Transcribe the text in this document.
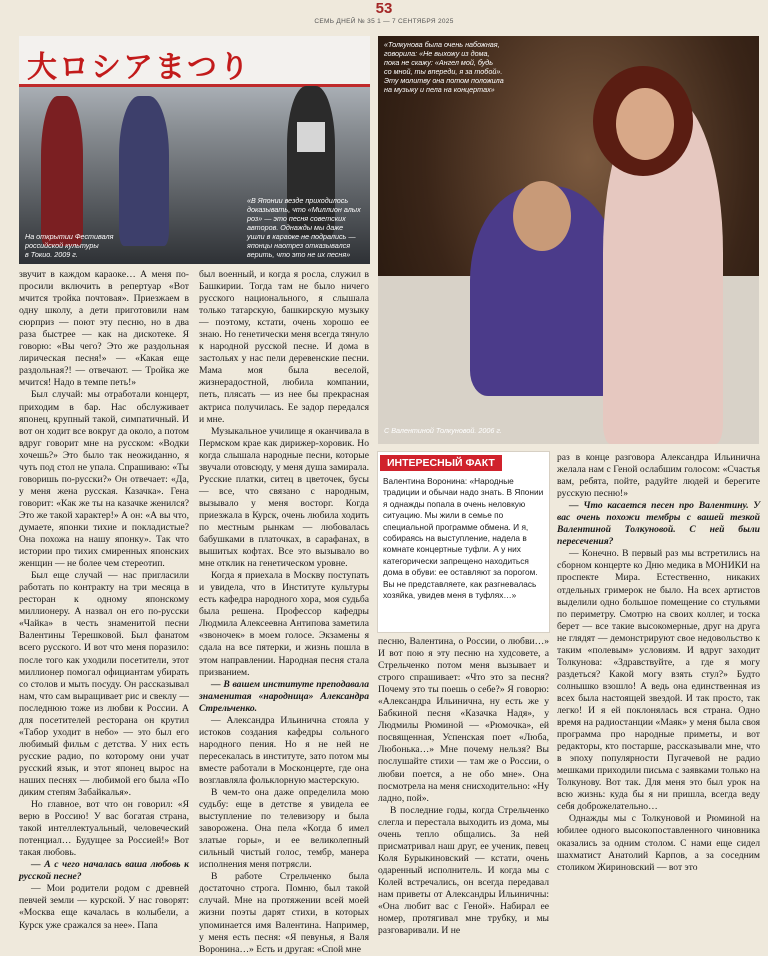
53
СЕМЬ ДНЕЙ № 35 1 — 7 СЕНТЯБРЯ 2025
大ロシアまつり
На открытии Фестиваля
российской культуры
в Токио. 2009 г.
«В Японии везде приходилось
доказывать, что «Миллион алых
роз» — это песня советских
авторов. Однажды мы даже
ушли в караоке не подрались —
японцы наотрез отказывался
верить, что это не их песня»
«Толкунова была очень набожная,
говорила: «Не выхожу из дома,
пока не скажу: «Ангел мой, будь
со мной, ты впереди, я за тобой».
Эту молитву она потом положила
на музыку и пела на концертах»
С Валентиной Толкуновой. 2006 г.

звучит в каждом караоке… А меня по-просили включить в репертуар «Вот мчится тройка почтовая». Приезжаем в одну школу, а дети приготовили нам сюрприз — поют эту песню, но в два раза быстрее — как на дискотеке. Я говорю: «Вы чего? Это же раздольная лирическая песня!» — «Какая еще раздольная?! — отвечают. — Тройка же мчится! Надо в темпе петь!»

Был случай: мы отработали концерт, приходим в бар. Нас обслуживает японец, крупный такой, симпатичный. И вот он ходит все вокруг да около, а потом вдруг говорит мне на русском: «Водки хочешь?» Это было так неожиданно, я чуть под стол не упала. Спрашиваю: «Ты говоришь по-русски?» Он отвечает: «Да, у меня жена русская. Казачка». Гена говорит: «Как же ты на казачке женился? Это же такой характер!» А он: «А вы что, думаете, японки тихие и покладистые? Она похожа на нашу японку». Так что истории про тихих смиренных японских женщин — не более чем стереотип.

Был еще случай — нас пригласили работать по контракту на три месяца в ресторан к одному японскому миллионеру. А назвал он его по-русски «Чайка» в честь знаменитой песни Валентины Терешковой. Был фанатом всего русского. И вот что меня поразило: после того как уходили посетители, этот миллионер помогал официантам убирать со столов и мыть посуду. Он рассказывал нам, что сам выращивает рис и свеклу — последнюю тоже из любви к России. А для посетителей ресторана он крутил «Табор уходит в небо» — это был его любимый фильм с детства. У них есть русские радио, по которому они учат русский язык, и этот японец вырос на наших песнях — любимой его была «По диким степям Забайкалья».

Но главное, вот что он говорил: «Я верю в Россию! У вас богатая страна, такой интеллектуальный, человеческий потенциал… Будущее за Россией!» Вот такая любовь.

— А с чего началась ваша любовь к русской песне?

— Мои родители родом с древней певчей земли — курской. У нас говорят: «Москва еще качалась в колыбели, а Курск уже сражался за нее». Папа

был военный, и когда я росла, служил в Башкирии. Тогда там не было ничего русского национального, я слышала только татарскую, башкирскую музыку — поэтому, кстати, очень хорошо ее знаю. Но генетически меня всегда тянуло к народной русской песне. И дома в застольях у нас пели деревенские песни. Мама моя была веселой, жизнерадостной, любила компании, петь, плясать — из нее бы прекрасная актриса получилась. Ее задор передался и мне.

Музыкальное училище я оканчивала в Пермском крае как дирижер-хоровик. Но когда слышала народные песни, которые звучали отовсюду, у меня душа замирала. Русские платки, ситец в цветочек, бусы — все, что связано с народным, вызывало у меня восторг. Когда приезжала в Курск, очень любила ходить по местным рынкам — любовалась бабушками в платочках, в сарафанах, в вышитых кофтах. Все это вызывало во мне отклик на генетическом уровне.

Когда я приехала в Москву поступать и увидела, что в Институте культуры есть кафедра народного хора, моя судьба была решена. Профессор кафедры Людмила Алексеевна Антипова заметила «звоночек» в моем голосе. Экзамены я сдала на все пятерки, и жизнь пошла в этом направлении. Народная песня стала призванием.

— В вашем институте преподавала знаменитая «народница» Александра Стрельченко.

— Александра Ильинична стояла у истоков создания кафедры сольного народного пения. Но я не ней не пересекалась в институте, зато потом мы вместе работали в Москонцерте, где она возглавляла фольклорную мастерскую.

В чем-то она даже определила мою судьбу: еще в детстве я увидела ее выступление по телевизору и была заворожена. Она пела «Когда б имел златые горы», и ее великолепный сильный чистый голос, тембр, манера исполнения меня потрясли.

В работе Стрельченко была достаточно строга. Помню, был такой случай. Мне на протяжении всей моей жизни поэты дарят стихи, в которых упоминается имя Валентина. Например, у меня есть песня: «Я певунья, я Валя Воронина…» Есть и другая: «Спой мне

песню, Валентина, о России, о любви…» И вот пою я эту песню на худсовете, а Стрельченко потом меня вызывает и строго спрашивает: «Что это за песня? Почему это ты поешь о себе?» Я говорю: «Александра Ильинична, ну есть же у Бабкиной песня «Казачка Надя», у Людмилы Рюминой — «Рюмочка», ей посвященная, Успенская поет «Люба, Любонька…» Мне почему нельзя? Вы послушайте стихи — там же о России, о любви поется, а не обо мне». Она посмотрела на меня снисходительно: «Ну ладно, пой».

В последние годы, когда Стрельченко слегла и перестала выходить из дома, мы очень тепло общались. За ней присматривал наш друг, ее ученик, певец Коля Бурыкиновский — кстати, очень одаренный исполнитель. И когда мы с Колей встречались, он всегда передавал нам приветы от Александры Ильиничны: «Она любит вас с Геной». Набирал ее номер, протягивал мне трубку, и мы разговаривали. И не

раз в конце разговора Александра Ильинична желала нам с Геной ослабшим голосом: «Счастья вам, ребята, пойте, радуйте людей и берегите русскую песню!»

— Что касается песен про Валентину. У вас очень похожи тембры с вашей тезкой Валентиной Толкуновой. С ней были пересечения?

— Конечно. В первый раз мы встретились на сборном концерте ко Дню медика в МОНИКИ на проспекте Мира. Естественно, никаких отдельных гримерок не было. На всех артистов выделили одно большое помещение со стульями по периметру. Смотрю на своих коллег, и тоска берет — все такие высокомерные, друг на друга не глядят — демонстрируют свое недовольство к таким «полевым» условиям. И вдруг заходит Толкунова: «Здравствуйте, а где я могу раздеться? Какой могу взять стул?» Будто солнышко взошло! А ведь она единственная из всех была настоящей звездой. И так просто, так легко! И я ей поклонялась вся страна. Одно время на радиостанции «Маяк» у меня была своя программа про народные приметы, и вот редакторы, кто постарше, рассказывали мне, что в эпоху популярности Пугачевой не радио мешками приходили письма с заявками только на Толкунову. Вот так. Для меня это был урок на всю жизнь: куда бы я ни пришла, всегда веду себя доброжелательно…

Однажды мы с Толкуновой и Рюминой на юбилее одного высокопоставленного чиновника оказались за одним столом. С нами еще сидел шахматист Анатолий Карпов, а за соседним столиком Жириновский — вот это

ИНТЕРЕСНЫЙ ФАКТ
Валентина Воронина: «Народные традиции и обычаи надо знать. В Японии я однажды попала в очень неловкую ситуацию. Мы жили в семье по специальной программе обмена. И я, собираясь на выступление, надела в комнате концертные туфли. А у них категорически запрещено находиться дома в обуви: ее оставляют за порогом. Вы не представляете, как разгневалась хозяйка, увидев меня в туфлях…»
